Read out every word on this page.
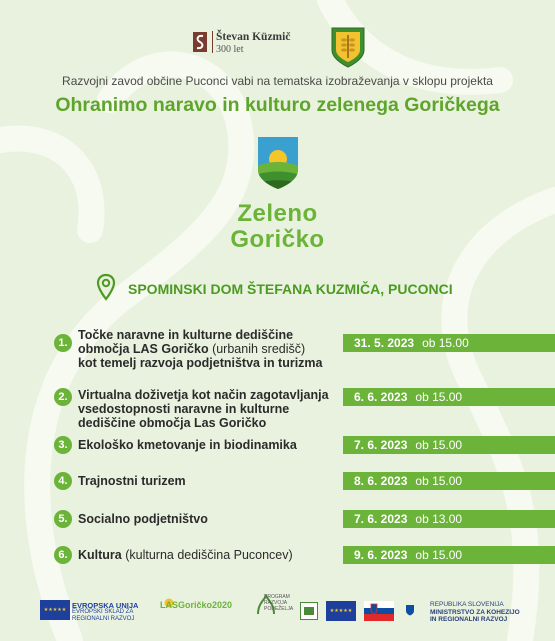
Števan Küzmič
300 let
Razvojni zavod občine Puconci vabi na tematska izobraževanja v sklopu projekta
Ohranimo naravo in kulturo zelenega Goričkega
Zeleno
Goričko
SPOMINSKI DOM ŠTEFANA KUZMIČA, PUCONCI
1.
Točke naravne in kulturne dediščine
območja LAS Goričko (urbanih središč)
kot temelj razvoja podjetništva in turizma
31. 5. 2023 ob 15.00
2. Virtualna doživetja kot način zagotavljanja
vsedostopnosti naravne in kulturne
dediščine območja Las Goričko
6. 6. 2023 ob 15.00
3. Ekološko kmetovanje in biodinamika	7. 6. 2023 ob 15.00
4. Trajnostni turizem	8. 6. 2023 ob 15.00
5. Socialno podjetništvo	7. 6. 2023 ob 13.00
6. Kultura (kulturna dediščina Puconcev)	9. 6. 2023 ob 15.00
★★★★★ EVROPSKA UNIJA
EVROPSKI SKLAD ZA REGIONALNI RAZVOJ
LASGoričko2020
PROGRAM RAZVOJA PODEŽELJA	★★★★★
REPUBLIKA SLOVENIJA
MINISTRSTVO ZA KOHEZIJO
IN REGIONALNI RAZVOJ
